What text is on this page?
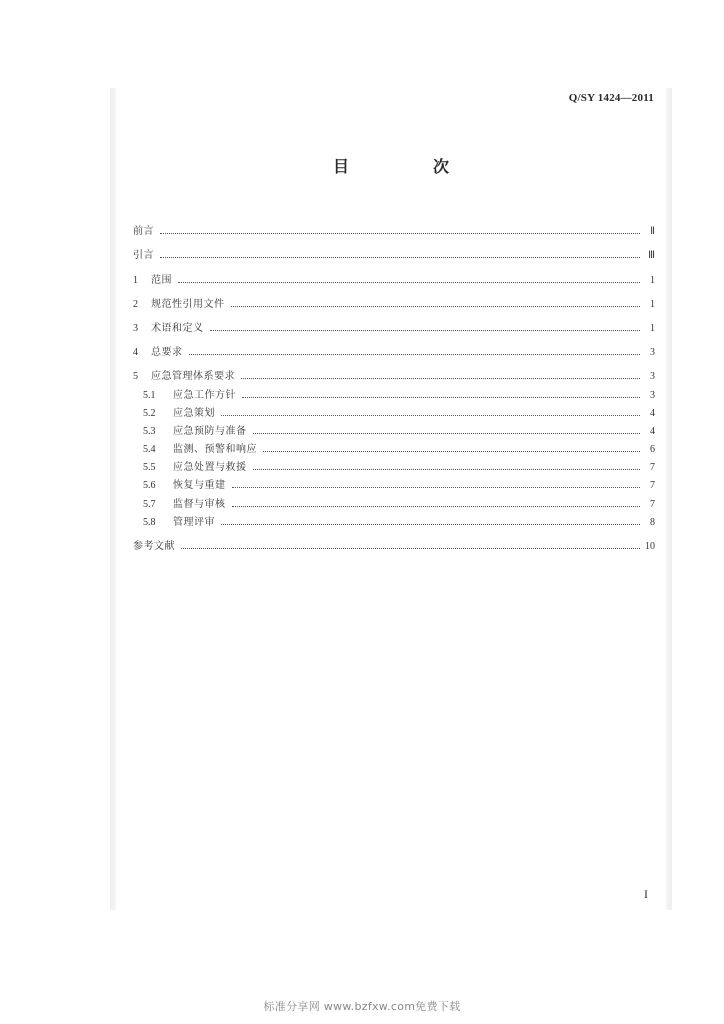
Q/SY 1424—2011
目　次
前言	Ⅱ
引言	Ⅲ
1	范围	1
2	规范性引用文件	1
3	术语和定义	1
4	总要求	3
5	应急管理体系要求	3
5.1	应急工作方针	3
5.2	应急策划	4
5.3	应急预防与准备	4
5.4	监测、预警和响应	6
5.5	应急处置与救援	7
5.6	恢复与重建	7
5.7	监督与审核	7
5.8	管理评审	8
参考文献	10
I
标准分享网 www.bzfxw.com免费下载
